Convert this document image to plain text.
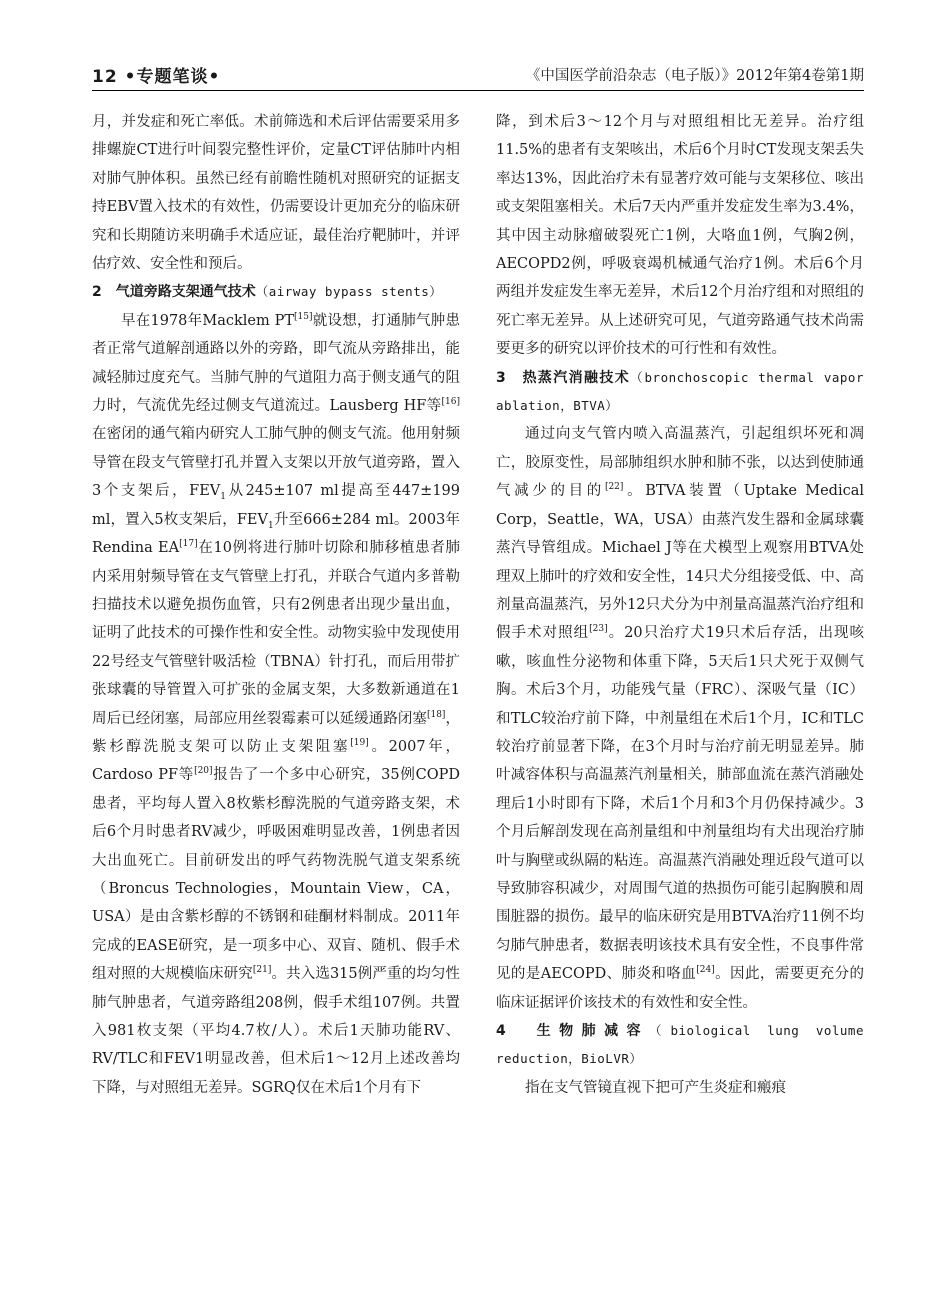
12 •专题笔谈•	《中国医学前沿杂志（电子版）》2012年第4卷第1期

月，并发症和死亡率低。术前筛选和术后评估需要采用多排螺旋CT进行叶间裂完整性评价，定量CT评估肺叶内相对肺气肿体积。虽然已经有前瞻性随机对照研究的证据支持EBV置入技术的有效性，仍需要设计更加充分的临床研究和长期随访来明确手术适应证，最佳治疗靶肺叶，并评估疗效、安全性和预后。

2　气道旁路支架通气技术（airway bypass stents）

早在1978年Macklem PT[15]就设想，打通肺气肿患者正常气道解剖通路以外的旁路，即气流从旁路排出，能减轻肺过度充气。当肺气肿的气道阻力高于侧支通气的阻力时，气流优先经过侧支气道流过。Lausberg HF等[16]在密闭的通气箱内研究人工肺气肿的侧支气流。他用射频导管在段支气管壁打孔并置入支架以开放气道旁路，置入3个支架后，$FEV_1$从245±107 ml提高至447±199 ml，置入5枚支架后，$FEV_1$升至666±284 ml。2003年Rendina EA[17]在10例将进行肺叶切除和肺移植患者肺内采用射频导管在支气管壁上打孔，并联合气道内多普勒扫描技术以避免损伤血管，只有2例患者出现少量出血，证明了此技术的可操作性和安全性。动物实验中发现使用22号经支气管壁针吸活检（TBNA）针打孔，而后用带扩张球囊的导管置入可扩张的金属支架，大多数新通道在1周后已经闭塞，局部应用丝裂霉素可以延缓通路闭塞[18]，紫杉醇洗脱支架可以防止支架阻塞[19]。2007年，Cardoso PF等[20]报告了一个多中心研究，35例COPD患者，平均每人置入8枚紫杉醇洗脱的气道旁路支架，术后6个月时患者RV减少，呼吸困难明显改善，1例患者因大出血死亡。目前研发出的呼气药物洗脱气道支架系统（Broncus Technologies，Mountain View，CA，USA）是由含紫杉醇的不锈钢和硅酮材料制成。2011年完成的EASE研究，是一项多中心、双盲、随机、假手术组对照的大规模临床研究[21]。共入选315例严重的均匀性肺气肿患者，气道旁路组208例，假手术组107例。共置入981枚支架（平均4.7枚/人）。术后1天肺功能RV、RV/TLC和FEV1明显改善，但术后1～12月上述改善均下降，与对照组无差异。SGRQ仅在术后1个月有下

降，到术后3～12个月与对照组相比无差异。治疗组11.5%的患者有支架咳出，术后6个月时CT发现支架丢失率达13%，因此治疗未有显著疗效可能与支架移位、咳出或支架阻塞相关。术后7天内严重并发症发生率为3.4%，其中因主动脉瘤破裂死亡1例，大咯血1例，气胸2例，AECOPD2例，呼吸衰竭机械通气治疗1例。术后6个月两组并发症发生率无差异，术后12个月治疗组和对照组的死亡率无差异。从上述研究可见，气道旁路通气技术尚需要更多的研究以评价技术的可行性和有效性。

3　热蒸汽消融技术（bronchoscopic thermal vapor ablation，BTVA）

通过向支气管内喷入高温蒸汽，引起组织坏死和凋亡，胶原变性，局部肺组织水肿和肺不张，以达到使肺通气减少的目的[22]。BTVA装置（Uptake Medical Corp，Seattle，WA，USA）由蒸汽发生器和金属球囊蒸汽导管组成。Michael J等在犬模型上观察用BTVA处理双上肺叶的疗效和安全性，14只犬分组接受低、中、高剂量高温蒸汽，另外12只犬分为中剂量高温蒸汽治疗组和假手术对照组[23]。20只治疗犬19只术后存活，出现咳嗽，咳血性分泌物和体重下降，5天后1只犬死于双侧气胸。术后3个月，功能残气量（FRC）、深吸气量（IC）和TLC较治疗前下降，中剂量组在术后1个月，IC和TLC较治疗前显著下降，在3个月时与治疗前无明显差异。肺叶减容体积与高温蒸汽剂量相关，肺部血流在蒸汽消融处理后1小时即有下降，术后1个月和3个月仍保持减少。3个月后解剖发现在高剂量组和中剂量组均有犬出现治疗肺叶与胸壁或纵隔的粘连。高温蒸汽消融处理近段气道可以导致肺容积减少，对周围气道的热损伤可能引起胸膜和周围脏器的损伤。最早的临床研究是用BTVA治疗11例不均匀肺气肿患者，数据表明该技术具有安全性，不良事件常见的是AECOPD、肺炎和咯血[24]。因此，需要更充分的临床证据评价该技术的有效性和安全性。

4　生物肺减容（biological lung volume reduction，BioLVR）

指在支气管镜直视下把可产生炎症和瘢痕
